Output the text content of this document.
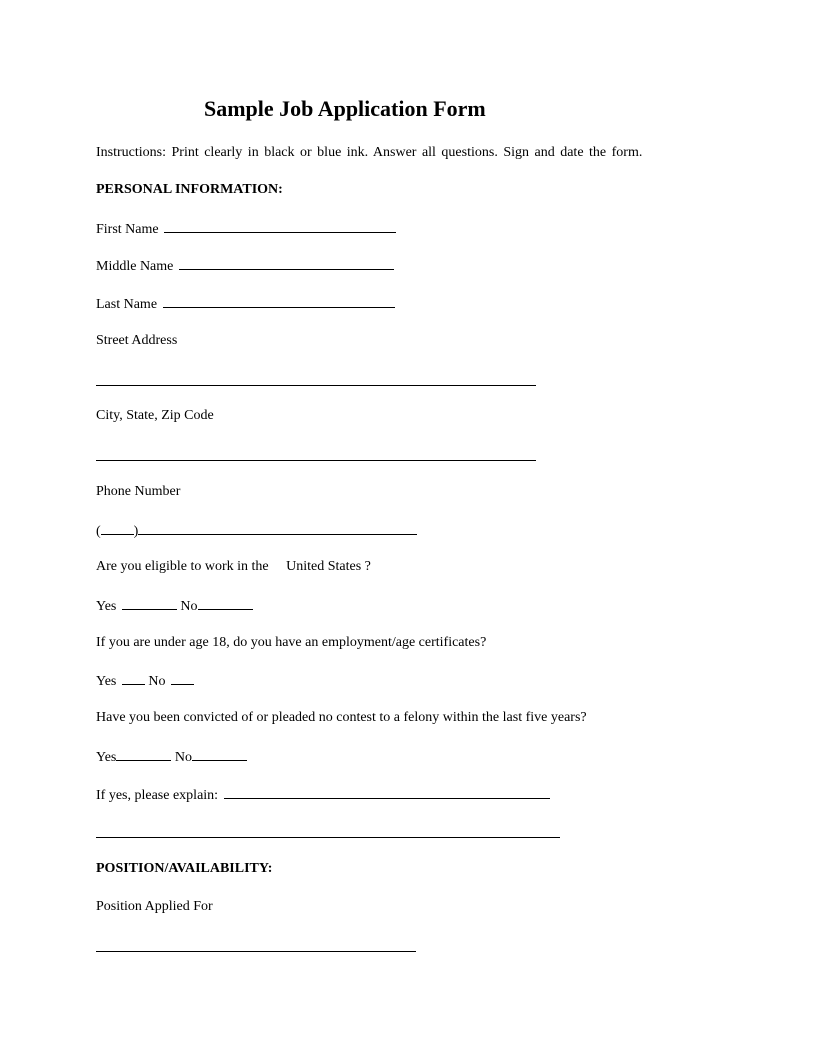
Sample Job Application Form
Instructions: Print clearly in black or blue ink. Answer all questions. Sign and date the form.
PERSONAL INFORMATION:
First Name
Middle Name
Last Name
Street Address
City, State, Zip Code
Phone Number
( )
Are you eligible to work in the United States ?
Yes	No
If you are under age 18, do you have an employment/age certificates?
Yes No
Have you been convicted of or pleaded no contest to a felony within the last five years?
Yes	No
If yes, please explain:
POSITION/AVAILABILITY:
Position Applied For
